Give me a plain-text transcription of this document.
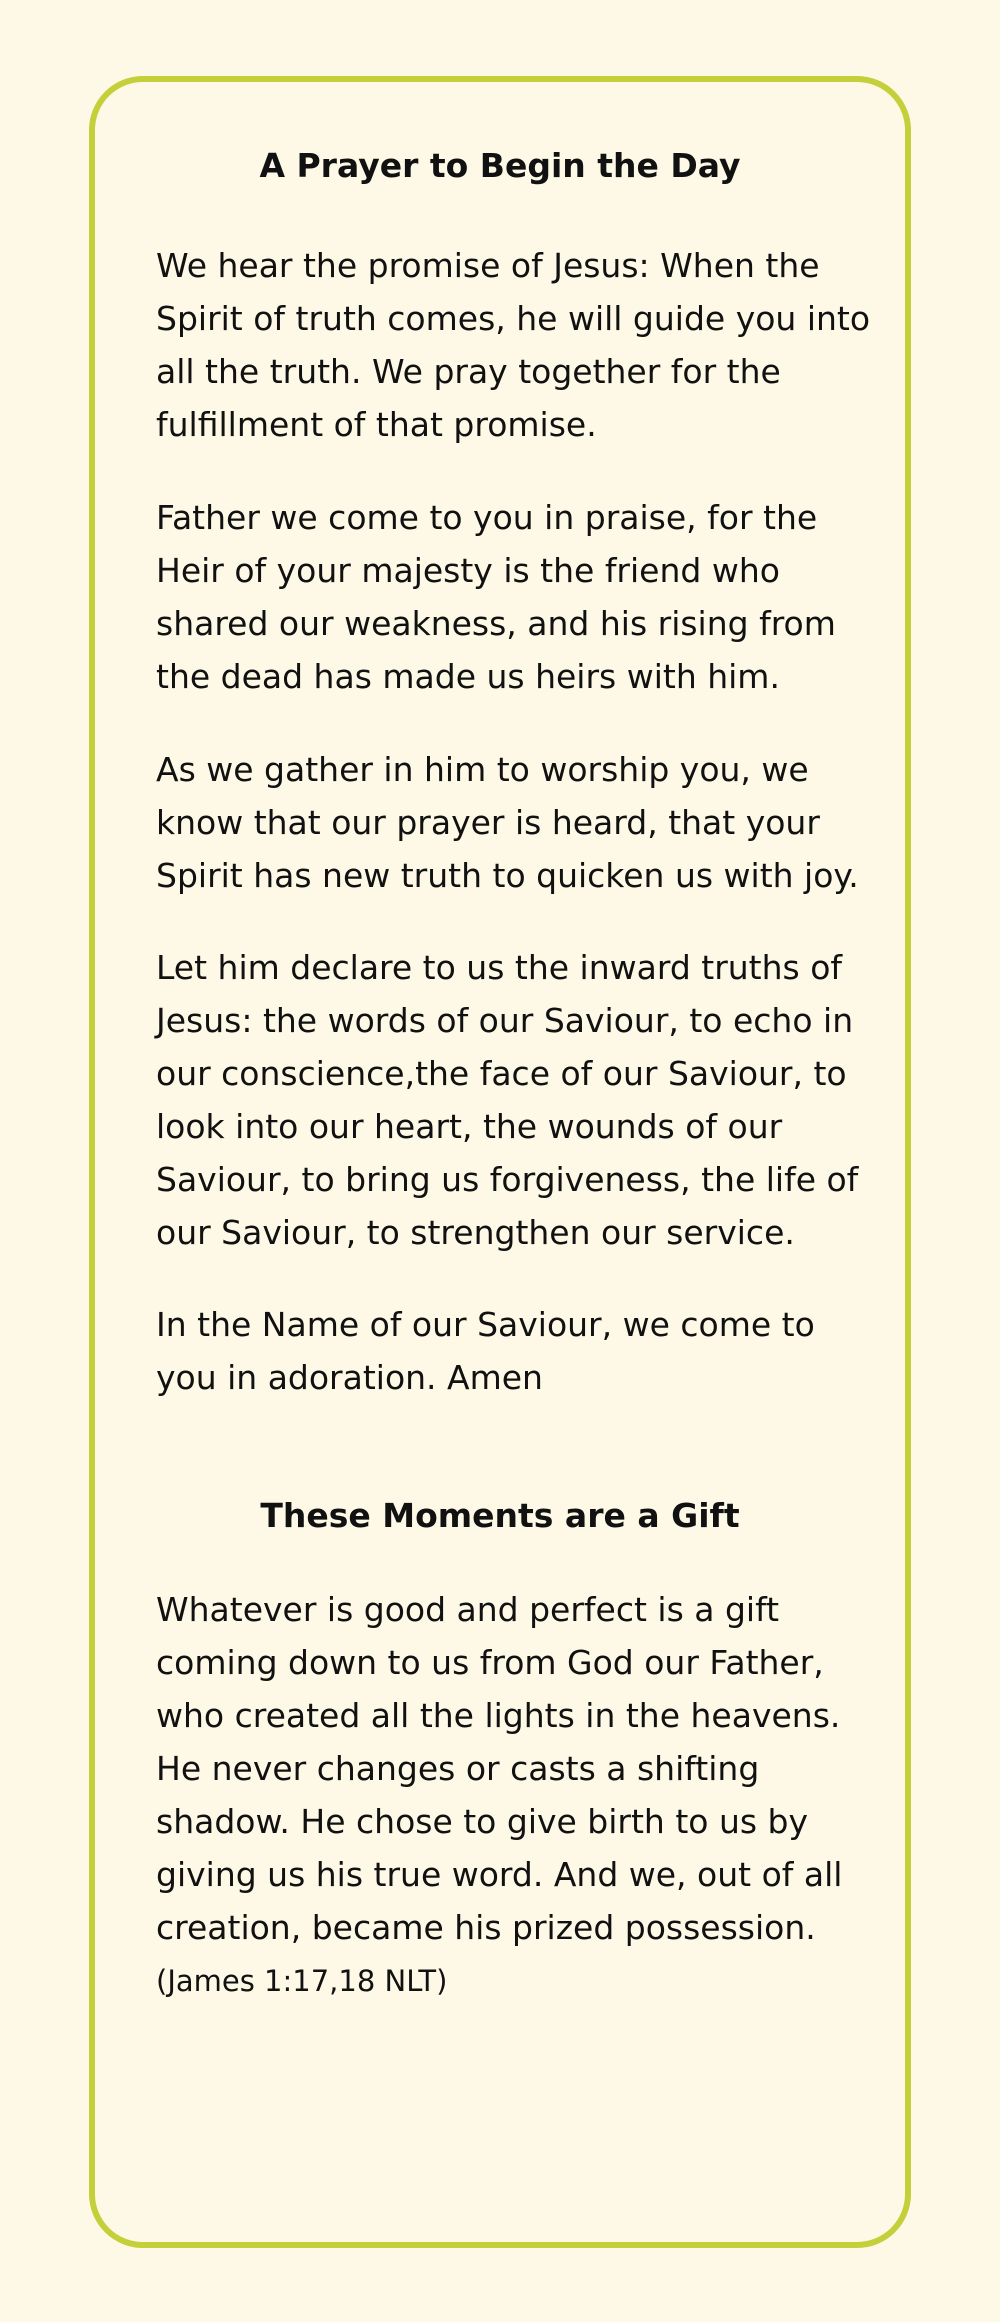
A Prayer to Begin the Day

We hear the promise of Jesus: When the Spirit of truth comes, he will guide you into all the truth. We pray together for the fulfillment of that promise.

Father we come to you in praise, for the Heir of your majesty is the friend who shared our weakness, and his rising from the dead has made us heirs with him.

As we gather in him to worship you, we know that our prayer is heard, that your Spirit has new truth to quicken us with joy.

Let him declare to us the inward truths of Jesus: the words of our Saviour, to echo in our conscience,the face of our Saviour, to look into our heart, the wounds of our Saviour, to bring us forgiveness, the life of our Saviour, to strengthen our service.

In the Name of our Saviour, we come to you in adoration. Amen

These Moments are a Gift

Whatever is good and perfect is a gift coming down to us from God our Father, who created all the lights in the heavens. He never changes or casts a shifting shadow. He chose to give birth to us by giving us his true word. And we, out of all creation, became his prized possession.

(James 1:17,18 NLT)
